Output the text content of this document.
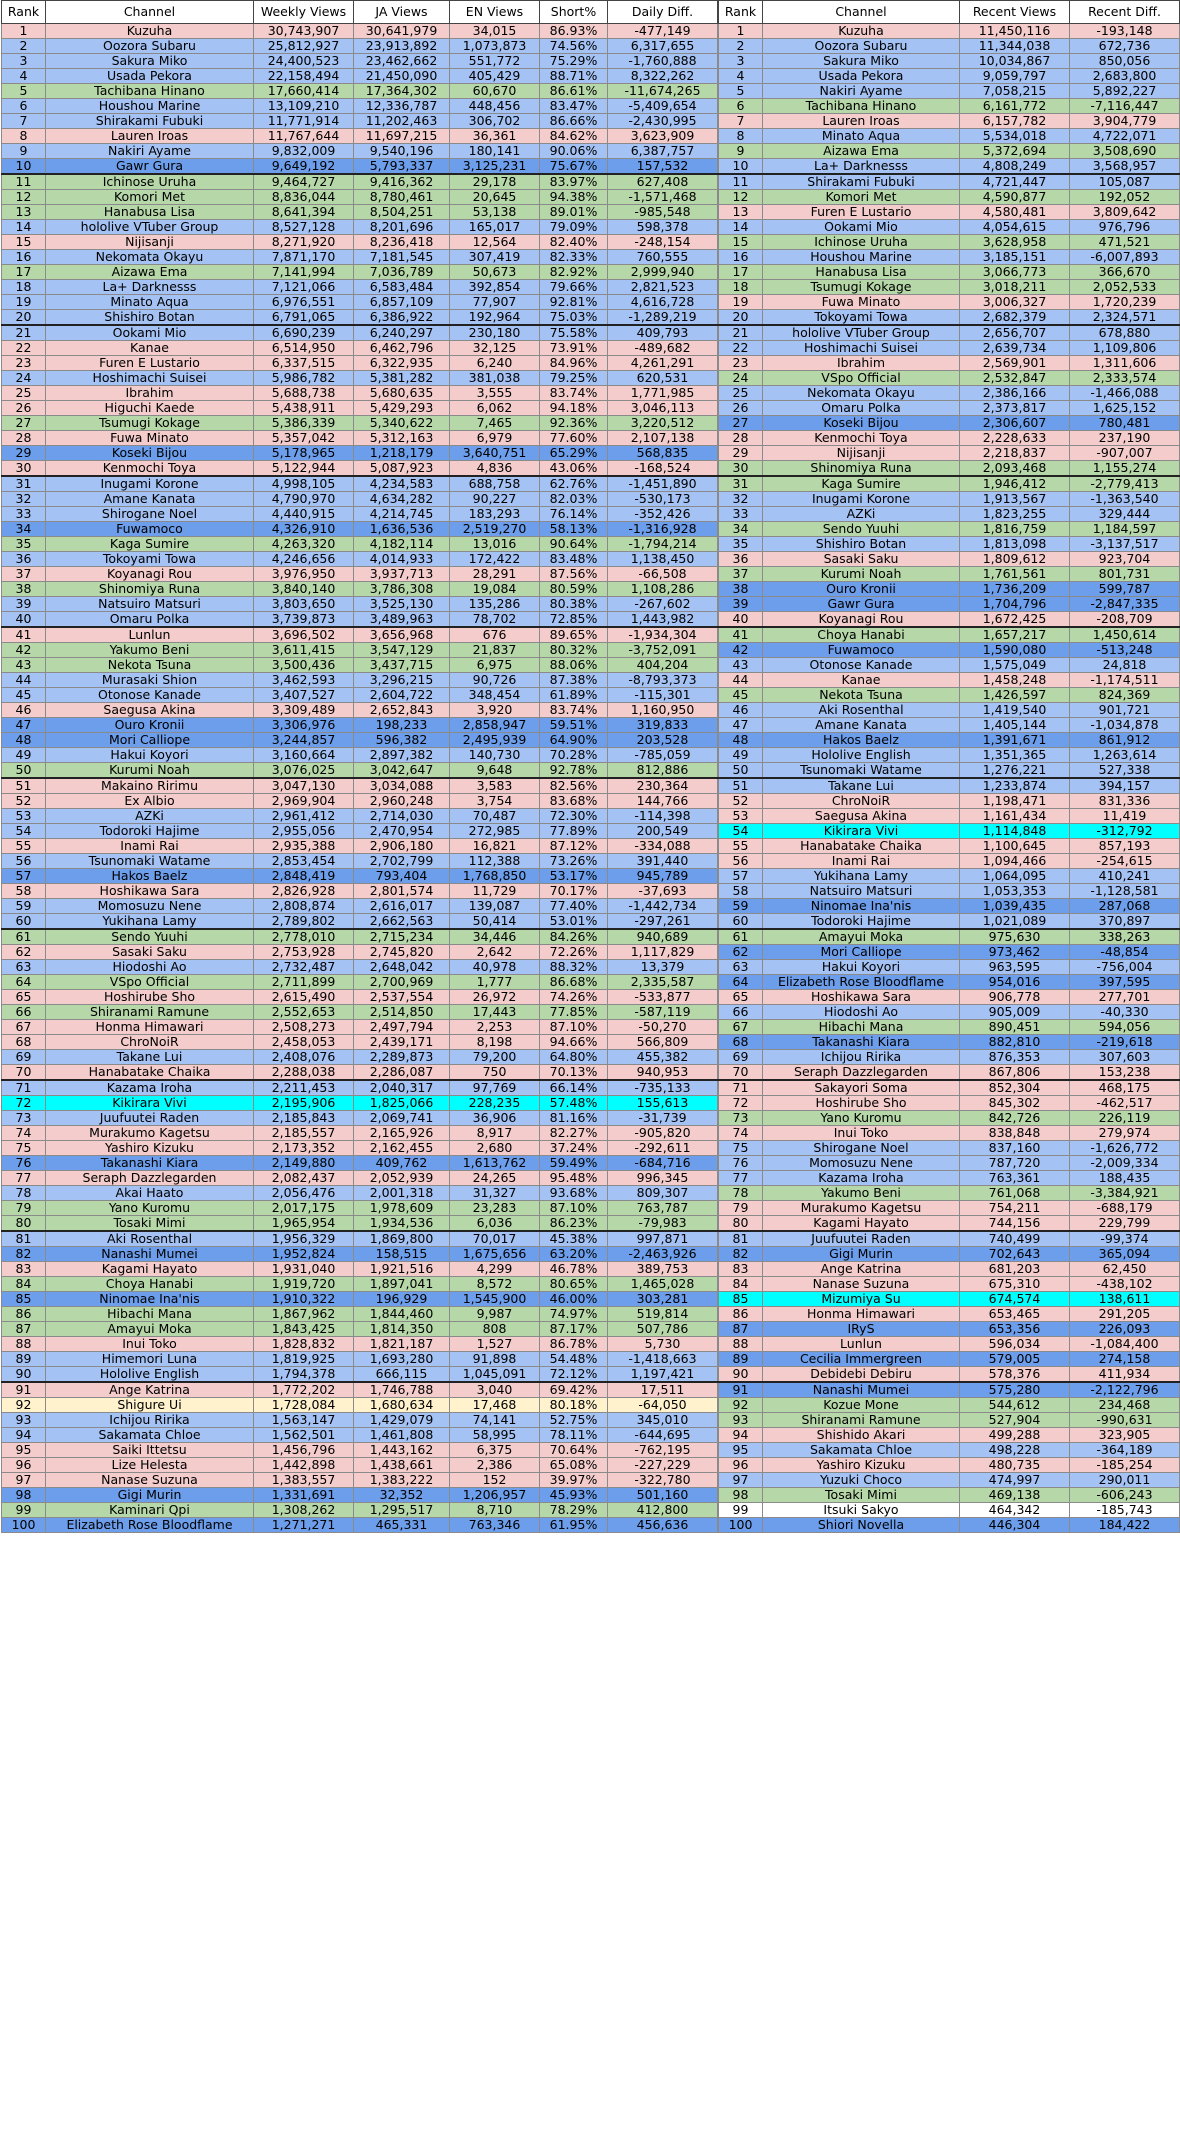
Rank	Channel	Weekly Views	JA Views	EN Views	Short%	Daily Diff.
1	Kuzuha	30,743,907	30,641,979	34,015	86.93%	-477,149
2	Oozora Subaru	25,812,927	23,913,892	1,073,873	74.56%	6,317,655
3	Sakura Miko	24,400,523	23,462,662	551,772	75.29%	-1,760,888
4	Usada Pekora	22,158,494	21,450,090	405,429	88.71%	8,322,262
5	Tachibana Hinano	17,660,414	17,364,302	60,670	86.61%	-11,674,265
6	Houshou Marine	13,109,210	12,336,787	448,456	83.47%	-5,409,654
7	Shirakami Fubuki	11,771,914	11,202,463	306,702	86.66%	-2,430,995
8	Lauren Iroas	11,767,644	11,697,215	36,361	84.62%	3,623,909
9	Nakiri Ayame	9,832,009	9,540,196	180,141	90.06%	6,387,757
10	Gawr Gura	9,649,192	5,793,337	3,125,231	75.67%	157,532
11	Ichinose Uruha	9,464,727	9,416,362	29,178	83.97%	627,408
12	Komori Met	8,836,044	8,780,461	20,645	94.38%	-1,571,468
13	Hanabusa Lisa	8,641,394	8,504,251	53,138	89.01%	-985,548
14	hololive VTuber Group	8,527,128	8,201,696	165,017	79.09%	598,378
15	Nijisanji	8,271,920	8,236,418	12,564	82.40%	-248,154
16	Nekomata Okayu	7,871,170	7,181,545	307,419	82.33%	760,555
17	Aizawa Ema	7,141,994	7,036,789	50,673	82.92%	2,999,940
18	La+ Darknesss	7,121,066	6,583,484	392,854	79.66%	2,821,523
19	Minato Aqua	6,976,551	6,857,109	77,907	92.81%	4,616,728
20	Shishiro Botan	6,791,065	6,386,922	192,964	75.03%	-1,289,219
21	Ookami Mio	6,690,239	6,240,297	230,180	75.58%	409,793
22	Kanae	6,514,950	6,462,796	32,125	73.91%	-489,682
23	Furen E Lustario	6,337,515	6,322,935	6,240	84.96%	4,261,291
24	Hoshimachi Suisei	5,986,782	5,381,282	381,038	79.25%	620,531
25	Ibrahim	5,688,738	5,680,635	3,555	83.74%	1,771,985
26	Higuchi Kaede	5,438,911	5,429,293	6,062	94.18%	3,046,113
27	Tsumugi Kokage	5,386,339	5,340,622	7,465	92.36%	3,220,512
28	Fuwa Minato	5,357,042	5,312,163	6,979	77.60%	2,107,138
29	Koseki Bijou	5,178,965	1,218,179	3,640,751	65.29%	568,835
30	Kenmochi Toya	5,122,944	5,087,923	4,836	43.06%	-168,524
31	Inugami Korone	4,998,105	4,234,583	688,758	62.76%	-1,451,890
32	Amane Kanata	4,790,970	4,634,282	90,227	82.03%	-530,173
33	Shirogane Noel	4,440,915	4,214,745	183,293	76.14%	-352,426
34	Fuwamoco	4,326,910	1,636,536	2,519,270	58.13%	-1,316,928
35	Kaga Sumire	4,263,320	4,182,114	13,016	90.64%	-1,794,214
36	Tokoyami Towa	4,246,656	4,014,933	172,422	83.48%	1,138,450
37	Koyanagi Rou	3,976,950	3,937,713	28,291	87.56%	-66,508
38	Shinomiya Runa	3,840,140	3,786,308	19,084	80.59%	1,108,286
39	Natsuiro Matsuri	3,803,650	3,525,130	135,286	80.38%	-267,602
40	Omaru Polka	3,739,873	3,489,963	78,702	72.85%	1,443,982
41	Lunlun	3,696,502	3,656,968	676	89.65%	-1,934,304
42	Yakumo Beni	3,611,415	3,547,129	21,837	80.32%	-3,752,091
43	Nekota Tsuna	3,500,436	3,437,715	6,975	88.06%	404,204
44	Murasaki Shion	3,462,593	3,296,215	90,726	87.38%	-8,793,373
45	Otonose Kanade	3,407,527	2,604,722	348,454	61.89%	-115,301
46	Saegusa Akina	3,309,489	2,652,843	3,920	83.74%	1,160,950
47	Ouro Kronii	3,306,976	198,233	2,858,947	59.51%	319,833
48	Mori Calliope	3,244,857	596,382	2,495,939	64.90%	203,528
49	Hakui Koyori	3,160,664	2,897,382	140,730	70.28%	-785,059
50	Kurumi Noah	3,076,025	3,042,647	9,648	92.78%	812,886
51	Makaino Ririmu	3,047,130	3,034,088	3,583	82.56%	230,364
52	Ex Albio	2,969,904	2,960,248	3,754	83.68%	144,766
53	AZKi	2,961,412	2,714,030	70,487	72.30%	-114,398
54	Todoroki Hajime	2,955,056	2,470,954	272,985	77.89%	200,549
55	Inami Rai	2,935,388	2,906,180	16,821	87.12%	-334,088
56	Tsunomaki Watame	2,853,454	2,702,799	112,388	73.26%	391,440
57	Hakos Baelz	2,848,419	793,404	1,768,850	53.17%	945,789
58	Hoshikawa Sara	2,826,928	2,801,574	11,729	70.17%	-37,693
59	Momosuzu Nene	2,808,874	2,616,017	139,087	77.40%	-1,442,734
60	Yukihana Lamy	2,789,802	2,662,563	50,414	53.01%	-297,261
61	Sendo Yuuhi	2,778,010	2,715,234	34,446	84.26%	940,689
62	Sasaki Saku	2,753,928	2,745,820	2,642	72.26%	1,117,829
63	Hiodoshi Ao	2,732,487	2,648,042	40,978	88.32%	13,379
64	VSpo Official	2,711,899	2,700,969	1,777	86.68%	2,335,587
65	Hoshirube Sho	2,615,490	2,537,554	26,972	74.26%	-533,877
66	Shiranami Ramune	2,552,653	2,514,850	17,443	77.85%	-587,119
67	Honma Himawari	2,508,273	2,497,794	2,253	87.10%	-50,270
68	ChroNoiR	2,458,053	2,439,171	8,198	94.66%	566,809
69	Takane Lui	2,408,076	2,289,873	79,200	64.80%	455,382
70	Hanabatake Chaika	2,288,038	2,286,087	750	70.13%	940,953
71	Kazama Iroha	2,211,453	2,040,317	97,769	66.14%	-735,133
72	Kikirara Vivi	2,195,906	1,825,066	228,235	57.48%	155,613
73	Juufuutei Raden	2,185,843	2,069,741	36,906	81.16%	-31,739
74	Murakumo Kagetsu	2,185,557	2,165,926	8,917	82.27%	-905,820
75	Yashiro Kizuku	2,173,352	2,162,455	2,680	37.24%	-292,611
76	Takanashi Kiara	2,149,880	409,762	1,613,762	59.49%	-684,716
77	Seraph Dazzlegarden	2,082,437	2,052,939	24,265	95.48%	996,345
78	Akai Haato	2,056,476	2,001,318	31,327	93.68%	809,307
79	Yano Kuromu	2,017,175	1,978,609	23,283	87.10%	763,787
80	Tosaki Mimi	1,965,954	1,934,536	6,036	86.23%	-79,983
81	Aki Rosenthal	1,956,329	1,869,800	70,017	45.38%	997,871
82	Nanashi Mumei	1,952,824	158,515	1,675,656	63.20%	-2,463,926
83	Kagami Hayato	1,931,040	1,921,516	4,299	46.78%	389,753
84	Choya Hanabi	1,919,720	1,897,041	8,572	80.65%	1,465,028
85	Ninomae Ina'nis	1,910,322	196,929	1,545,900	46.00%	303,281
86	Hibachi Mana	1,867,962	1,844,460	9,987	74.97%	519,814
87	Amayui Moka	1,843,425	1,814,350	808	87.17%	507,786
88	Inui Toko	1,828,832	1,821,187	1,527	86.78%	5,730
89	Himemori Luna	1,819,925	1,693,280	91,898	54.48%	-1,418,663
90	Hololive English	1,794,378	666,115	1,045,091	72.12%	1,197,421
91	Ange Katrina	1,772,202	1,746,788	3,040	69.42%	17,511
92	Shigure Ui	1,728,084	1,680,634	17,468	80.18%	-64,050
93	Ichijou Ririka	1,563,147	1,429,079	74,141	52.75%	345,010
94	Sakamata Chloe	1,562,501	1,461,808	58,995	78.11%	-644,695
95	Saiki Ittetsu	1,456,796	1,443,162	6,375	70.64%	-762,195
96	Lize Helesta	1,442,898	1,438,661	2,386	65.08%	-227,229
97	Nanase Suzuna	1,383,557	1,383,222	152	39.97%	-322,780
98	Gigi Murin	1,331,691	32,352	1,206,957	45.93%	501,160
99	Kaminari Qpi	1,308,262	1,295,517	8,710	78.29%	412,800
100	Elizabeth Rose Bloodflame	1,271,271	465,331	763,346	61.95%	456,636
Rank	Channel	Recent Views	Recent Diff.
1	Kuzuha	11,450,116	-193,148
2	Oozora Subaru	11,344,038	672,736
3	Sakura Miko	10,034,867	850,056
4	Usada Pekora	9,059,797	2,683,800
5	Nakiri Ayame	7,058,215	5,892,227
6	Tachibana Hinano	6,161,772	-7,116,447
7	Lauren Iroas	6,157,782	3,904,779
8	Minato Aqua	5,534,018	4,722,071
9	Aizawa Ema	5,372,694	3,508,690
10	La+ Darknesss	4,808,249	3,568,957
11	Shirakami Fubuki	4,721,447	105,087
12	Komori Met	4,590,877	192,052
13	Furen E Lustario	4,580,481	3,809,642
14	Ookami Mio	4,054,615	976,796
15	Ichinose Uruha	3,628,958	471,521
16	Houshou Marine	3,185,151	-6,007,893
17	Hanabusa Lisa	3,066,773	366,670
18	Tsumugi Kokage	3,018,211	2,052,533
19	Fuwa Minato	3,006,327	1,720,239
20	Tokoyami Towa	2,682,379	2,324,571
21	hololive VTuber Group	2,656,707	678,880
22	Hoshimachi Suisei	2,639,734	1,109,806
23	Ibrahim	2,569,901	1,311,606
24	VSpo Official	2,532,847	2,333,574
25	Nekomata Okayu	2,386,166	-1,466,088
26	Omaru Polka	2,373,817	1,625,152
27	Koseki Bijou	2,306,607	780,481
28	Kenmochi Toya	2,228,633	237,190
29	Nijisanji	2,218,837	-907,007
30	Shinomiya Runa	2,093,468	1,155,274
31	Kaga Sumire	1,946,412	-2,779,413
32	Inugami Korone	1,913,567	-1,363,540
33	AZKi	1,823,255	329,444
34	Sendo Yuuhi	1,816,759	1,184,597
35	Shishiro Botan	1,813,098	-3,137,517
36	Sasaki Saku	1,809,612	923,704
37	Kurumi Noah	1,761,561	801,731
38	Ouro Kronii	1,736,209	599,787
39	Gawr Gura	1,704,796	-2,847,335
40	Koyanagi Rou	1,672,425	-208,709
41	Choya Hanabi	1,657,217	1,450,614
42	Fuwamoco	1,590,080	-513,248
43	Otonose Kanade	1,575,049	24,818
44	Kanae	1,458,248	-1,174,511
45	Nekota Tsuna	1,426,597	824,369
46	Aki Rosenthal	1,419,540	901,721
47	Amane Kanata	1,405,144	-1,034,878
48	Hakos Baelz	1,391,671	861,912
49	Hololive English	1,351,365	1,263,614
50	Tsunomaki Watame	1,276,221	527,338
51	Takane Lui	1,233,874	394,157
52	ChroNoiR	1,198,471	831,336
53	Saegusa Akina	1,161,434	11,419
54	Kikirara Vivi	1,114,848	-312,792
55	Hanabatake Chaika	1,100,645	857,193
56	Inami Rai	1,094,466	-254,615
57	Yukihana Lamy	1,064,095	410,241
58	Natsuiro Matsuri	1,053,353	-1,128,581
59	Ninomae Ina'nis	1,039,435	287,068
60	Todoroki Hajime	1,021,089	370,897
61	Amayui Moka	975,630	338,263
62	Mori Calliope	973,462	-48,854
63	Hakui Koyori	963,595	-756,004
64	Elizabeth Rose Bloodflame	954,016	397,595
65	Hoshikawa Sara	906,778	277,701
66	Hiodoshi Ao	905,009	-40,330
67	Hibachi Mana	890,451	594,056
68	Takanashi Kiara	882,810	-219,618
69	Ichijou Ririka	876,353	307,603
70	Seraph Dazzlegarden	867,806	153,238
71	Sakayori Soma	852,304	468,175
72	Hoshirube Sho	845,302	-462,517
73	Yano Kuromu	842,726	226,119
74	Inui Toko	838,848	279,974
75	Shirogane Noel	837,160	-1,626,772
76	Momosuzu Nene	787,720	-2,009,334
77	Kazama Iroha	763,361	188,435
78	Yakumo Beni	761,068	-3,384,921
79	Murakumo Kagetsu	754,211	-688,179
80	Kagami Hayato	744,156	229,799
81	Juufuutei Raden	740,499	-99,374
82	Gigi Murin	702,643	365,094
83	Ange Katrina	681,203	62,450
84	Nanase Suzuna	675,310	-438,102
85	Mizumiya Su	674,574	138,611
86	Honma Himawari	653,465	291,205
87	IRyS	653,356	226,093
88	Lunlun	596,034	-1,084,400
89	Cecilia Immergreen	579,005	274,158
90	Debidebi Debiru	578,376	411,934
91	Nanashi Mumei	575,280	-2,122,796
92	Kozue Mone	544,612	234,468
93	Shiranami Ramune	527,904	-990,631
94	Shishido Akari	499,288	323,905
95	Sakamata Chloe	498,228	-364,189
96	Yashiro Kizuku	480,735	-185,254
97	Yuzuki Choco	474,997	290,011
98	Tosaki Mimi	469,138	-606,243
99	Itsuki Sakyo	464,342	-185,743
100	Shiori Novella	446,304	184,422
